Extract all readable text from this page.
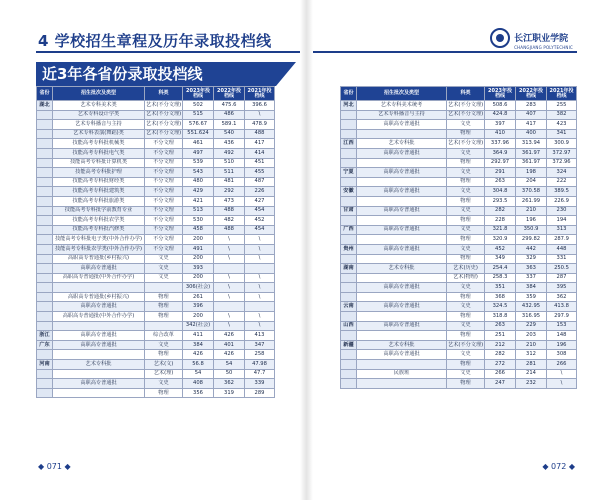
4 学校招生章程及历年录取投档线	长江职业学院
CHANGJIANG POLYTECHNIC
近3年各省份录取投档线
省份	招生批次及类型	科类	2023年投档线	2022年投档线	2021年投档线
湖北	艺术专科美术类	艺术(不分文理)	502	475.6	396.6
	艺术专科设计学类	艺术(不分文理)	515	486	\
	艺术专科播音与主持	艺术(不分文理)	576.67	589.1	478.9
	艺术专科表演(舞蹈)类	艺术(不分文理)	551.624	540	488
	技能高考专科批机械类	不分文理	461	436	417
	技能高考专科批电气类	不分文理	497	492	414
	技能高考专科批计算机类	不分文理	539	510	451
	技能高考专科批护理	不分文理	543	511	455
	技能高考专科批财经类	不分文理	480	481	487
	技能高考专科批建筑类	不分文理	429	292	226
	技能高考专科批旅游类	不分文理	421	473	427
	技能高考专科批学前教育专业	不分文理	513	488	454
	技能高考专科批农学类	不分文理	530	482	452
	技能高考专科批汽修类	不分文理	458	488	454
	技能高考专科批电子类(中外合作办学)	不分文理	200	\	\
	技能高考专科批农学类(中外合作办学)	不分文理	491	\	\
	高职高专普通批(乡村振兴)	文史	200	\	\
	高职高专普通批	文史	393		
	高职高专普通批(中外合作办学)	文史	200	\	\
			306(社会)	\	\
	高职高专普通批(乡村振兴)	物理	261	\	\
	高职高专普通批	物理	396		
	高职高专普通批(中外合作办学)	物理	200	\	\
			342(社会)	\	\
浙江	高职高专普通批	综合改革	411	426	413
广东	高职高专普通批	文史	384	401	347
		物理	426	426	258
河南	艺术专科批	艺术(文)	56.8	54	47.98
		艺术(理)	54	50	47.7
	高职高专普通批	文史	408	362	339
		物理	356	319	289
省份	招生批次及类型	科类	2023年投档线	2022年投档线	2021年投档线
河北	艺术专科美术统考	艺术(不分文理)	508.6	283	255
	艺术专科播音与主持	艺术(不分文理)	424.8	407	382
	高职高专普通批	文史	397	417	423
		物理	410	400	341
江西	艺术专科批	艺术(不分文理)	337.96	313.94	300.9
	高职高专普通批	文史	364.9	361.97	372.97
		物理	292.97	361.97	372.96
宁夏	高职高专普通批	文史	291	198	324
		物理	263	204	222
安徽	高职高专普通批	文史	304.8	370.58	389.5
		物理	293.5	261.99	226.9
甘肃	高职高专普通批	文史	282	210	230
		物理	228	196	194
广西	高职高专普通批	文史	321.8	350.9	313
		物理	320.9	299.82	287.9
贵州	高职高专普通批	文史	452	442	448
		物理	349	329	331
湖南	艺术专科批	艺术(历史)	254.4	363	250.5
		艺术(物理)	258.3	337	287
	高职高专普通批	文史	351	384	395
		物理	368	359	362
云南	高职高专普通批	文史	324.5	432.95	413.8
		物理	318.8	316.95	297.9
山西	高职高专普通批	文史	263	229	153
		物理	251	203	148
新疆	艺术专科批	艺术(不分文理)	212	210	196
	高职高专普通批	文史	282	312	308
		物理	272	281	266
	民族班	文史	266	214	\
		物理	247	232	\
◆ 071 ◆	◆ 072 ◆
